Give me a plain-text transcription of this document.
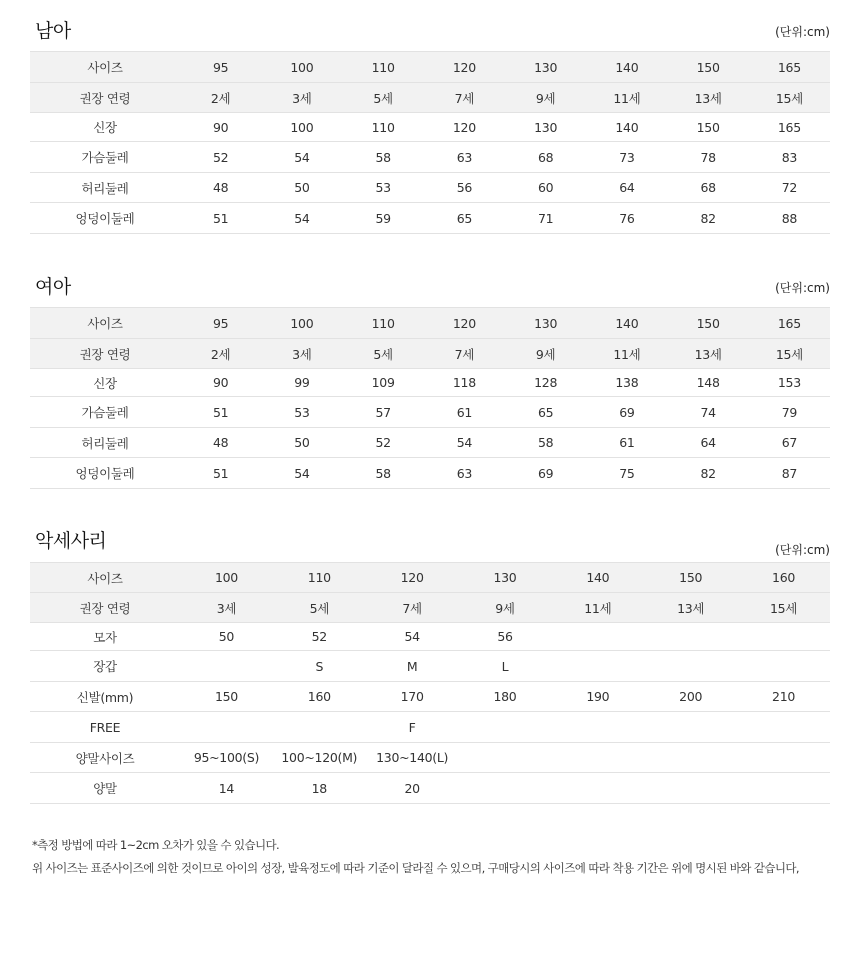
남아	(단위:cm)
사이즈	95	100	110	120	130	140	150	165
권장 연령	2세	3세	5세	7세	9세	11세	13세	15세
신장	90	100	110	120	130	140	150	165
가슴둘레	52	54	58	63	68	73	78	83
허리둘레	48	50	53	56	60	64	68	72
엉덩이둘레	51	54	59	65	71	76	82	88
여아	(단위:cm)
사이즈	95	100	110	120	130	140	150	165
권장 연령	2세	3세	5세	7세	9세	11세	13세	15세
신장	90	99	109	118	128	138	148	153
가슴둘레	51	53	57	61	65	69	74	79
허리둘레	48	50	52	54	58	61	64	67
엉덩이둘레	51	54	58	63	69	75	82	87
악세사리	(단위:cm)
사이즈	100	110	120	130	140	150	160
권장 연령	3세	5세	7세	9세	11세	13세	15세
모자	50	52	54	56			
장갑		S	M	L			
신발(mm)	150	160	170	180	190	200	210
FREE			F				
양말사이즈	95~100(S)	100~120(M)	130~140(L)				
양말	14	18	20				
*측정 방법에 따라 1~2cm 오차가 있을 수 있습니다.
위 사이즈는 표준사이즈에 의한 것이므로 아이의 성장, 발육정도에 따라 기준이 달라질 수 있으며, 구매당시의 사이즈에 따라 착용 기간은 위에 명시된 바와 같습니다,
